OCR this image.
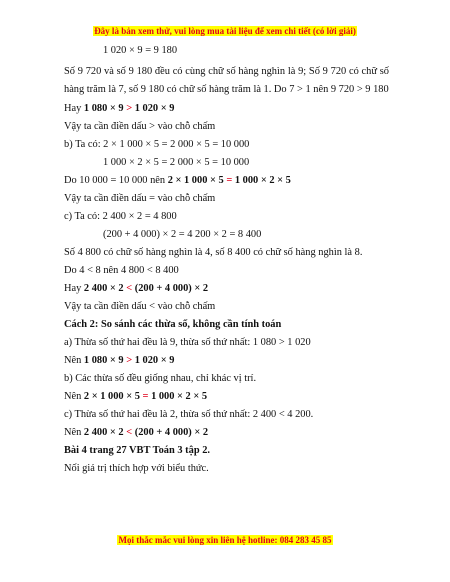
Đây là bản xem thử, vui lòng mua tài liệu để xem chi tiết (có lời giải)
1 020 × 9 = 9 180
Số 9 720 và số 9 180 đều có cùng chữ số hàng nghìn là 9; Số 9 720 có chữ số
hàng trăm là 7, số 9 180 có chữ số hàng trăm là 1. Do 7 > 1 nên 9 720 > 9 180
Hay 1 080 × 9 > 1 020 × 9
Vậy ta cần điền dấu > vào chỗ chấm
b) Ta có: 2 × 1 000 × 5 = 2 000 × 5 = 10 000
1 000 × 2 × 5 = 2 000 × 5 = 10 000
Do 10 000 = 10 000 nên 2 × 1 000 × 5 = 1 000 × 2 × 5
Vậy ta cần điền dấu = vào chỗ chấm
c) Ta có: 2 400 × 2 = 4 800
(200 + 4 000) × 2 = 4 200 × 2 = 8 400
Số 4 800 có chữ số hàng nghìn là 4, số 8 400 có chữ số hàng nghìn là 8.
Do 4 < 8 nên 4 800 < 8 400
Hay 2 400 × 2 < (200 + 4 000) × 2
Vậy ta cần điền dấu < vào chỗ chấm
Cách 2: So sánh các thừa số, không cần tính toán
a) Thừa số thứ hai đều là 9, thừa số thứ nhất: 1 080 > 1 020
Nên 1 080 × 9 > 1 020 × 9
b) Các thừa số đều giống nhau, chỉ khác vị trí.
Nên 2 × 1 000 × 5 = 1 000 × 2 × 5
c) Thừa số thứ hai đều là 2, thừa số thứ nhất: 2 400 < 4 200.
Nên 2 400 × 2 < (200 + 4 000) × 2
Bài 4 trang 27 VBT Toán 3 tập 2.
Nối giá trị thích hợp với biểu thức.
Mọi thắc mắc vui lòng xin liên hệ hotline: 084 283 45 85
